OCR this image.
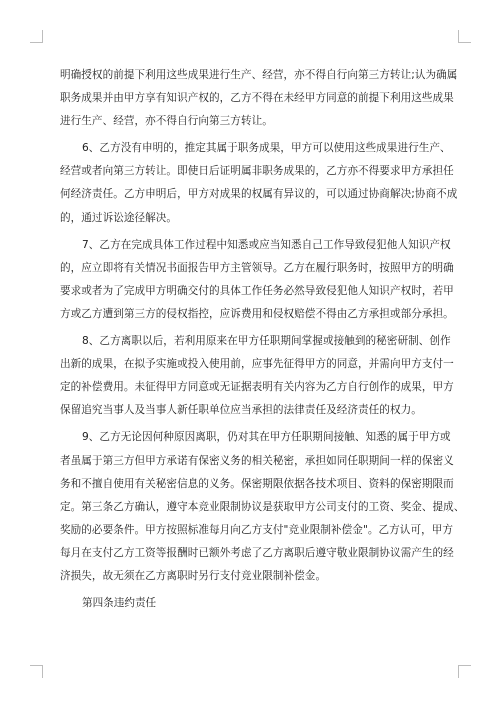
明确授权的前提下利用这些成果进行生产、经营，亦不得自行向第三方转让;认为确属
职务成果并由甲方享有知识产权的，乙方不得在未经甲方同意的前提下利用这些成果
进行生产、经营，亦不得自行向第三方转让。
6、乙方没有申明的，推定其属于职务成果，甲方可以使用这些成果进行生产、
经营或者向第三方转让。即使日后证明属非职务成果的，乙方亦不得要求甲方承担任
何经济责任。乙方申明后，甲方对成果的权属有异议的，可以通过协商解决;协商不成
的，通过诉讼途径解决。
7、乙方在完成具体工作过程中知悉或应当知悉自己工作导致侵犯他人知识产权
的，应立即将有关情况书面报告甲方主管领导。乙方在履行职务时，按照甲方的明确
要求或者为了完成甲方明确交付的具体工作任务必然导致侵犯他人知识产权时，若甲
方或乙方遭到第三方的侵权指控，应诉费用和侵权赔偿不得由乙方承担或部分承担。
8、乙方离职以后，若利用原来在甲方任职期间掌握或接触到的秘密研制、创作
出新的成果，在拟予实施或投入使用前，应事先征得甲方的同意，并需向甲方支付一
定的补偿费用。未征得甲方同意或无证据表明有关内容为乙方自行创作的成果，甲方
保留追究当事人及当事人新任职单位应当承担的法律责任及经济责任的权力。
9、乙方无论因何种原因离职，仍对其在甲方任职期间接触、知悉的属于甲方或
者虽属于第三方但甲方承诺有保密义务的相关秘密，承担如同任职期间一样的保密义
务和不擅自使用有关秘密信息的义务。保密期限依据各技术项目、资料的保密期限而
定。第三条乙方确认，遵守本竞业限制协议是获取甲方公司支付的工资、奖金、提成、
奖励的必要条件。甲方按照标准每月向乙方支付"竞业限制补偿金"。乙方认可，甲方
每月在支付乙方工资等报酬时已额外考虑了乙方离职后遵守敬业限制协议需产生的经
济损失，故无须在乙方离职时另行支付竞业限制补偿金。
第四条违约责任
